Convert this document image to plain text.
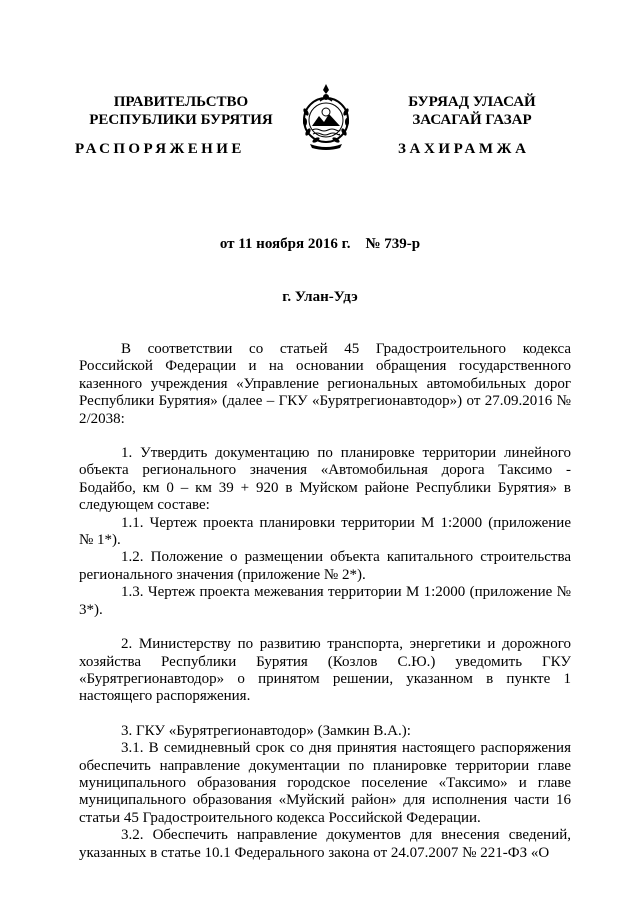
ПРАВИТЕЛЬСТВО
РЕСПУБЛИКИ БУРЯТИЯ
БУРЯАД УЛАСАЙ
ЗАСАГАЙ ГАЗАР
РАСПОРЯЖЕНИЕ	ЗАХИРАМЖА
от 11 ноября 2016 г.    № 739-р
г. Улан-Удэ

В соответствии со статьей 45 Градостроительного кодекса Российской Федерации и на основании обращения государственного казенного учреждения «Управление региональных автомобильных дорог Республики Бурятия» (далее – ГКУ «Бурятрегионавтодор») от 27.09.2016 № 2/2038:

1. Утвердить документацию по планировке территории линейного объекта регионального значения «Автомобильная дорога Таксимо - Бодайбо, км 0 – км 39 + 920 в Муйском районе Республики Бурятия» в следующем составе:

1.1. Чертеж проекта планировки территории М 1:2000 (приложение № 1*).

1.2. Положение о размещении объекта капитального строительства регионального значения (приложение № 2*).

1.3. Чертеж проекта межевания территории М 1:2000 (приложение № 3*).

2. Министерству по развитию транспорта, энергетики и дорожного хозяйства Республики Бурятия (Козлов С.Ю.) уведомить ГКУ «Бурятрегионавтодор» о принятом решении, указанном в пункте 1 настоящего распоряжения.

3. ГКУ «Бурятрегионавтодор» (Замкин В.А.):

3.1. В семидневный срок со дня принятия настоящего распоряжения обеспечить направление документации по планировке территории главе муниципального образования городское поселение «Таксимо» и главе муниципального образования «Муйский район» для исполнения части 16 статьи 45 Градостроительного кодекса Российской Федерации.

3.2. Обеспечить направление документов для внесения сведений, указанных в статье 10.1 Федерального закона от 24.07.2007 № 221-ФЗ «О
